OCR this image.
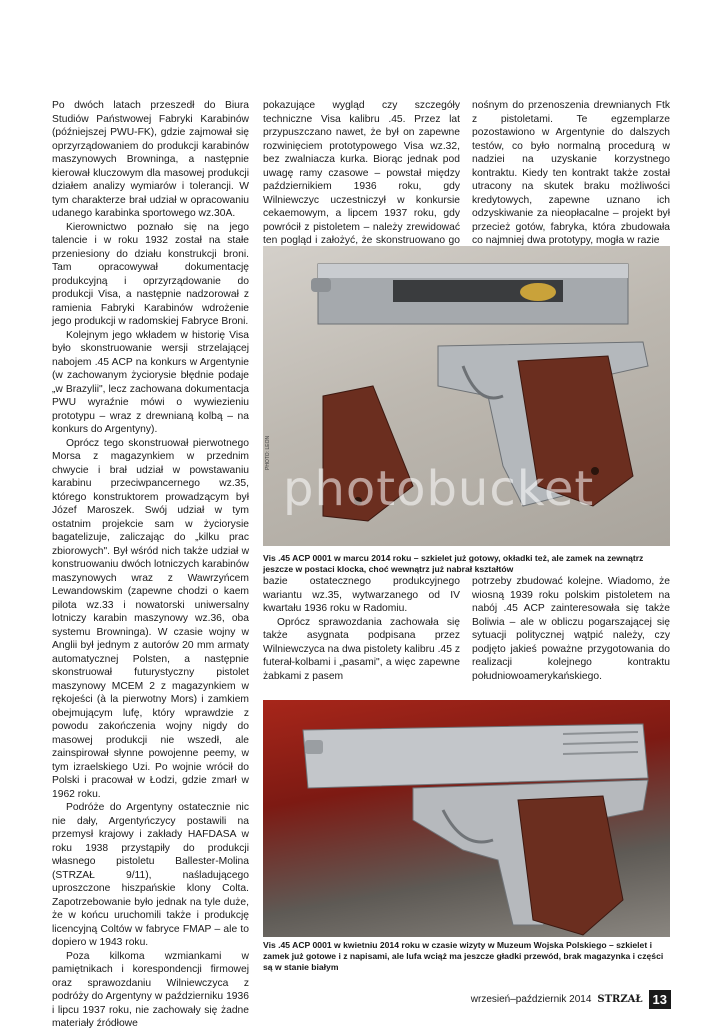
Po dwóch latach przeszedł do Biura Studiów Państwowej Fabryki Karabinów (późniejszej PWU-FK), gdzie zajmował się oprzyrządowaniem do produkcji karabinów maszynowych Browninga, a następnie kierował kluczowym dla masowej produkcji działem analizy wymiarów i tolerancji. W tym charakterze brał udział w opracowaniu udanego karabinka sportowego wz.30A.

Kierownictwo poznało się na jego talencie i w roku 1932 został na stałe przeniesiony do działu konstrukcji broni. Tam opracowywał dokumentację produkcyjną i oprzyrządowanie do produkcji Visa, a następnie nadzorował z ramienia Fabryki Karabinów wdrożenie jego produkcji w radomskiej Fabryce Broni.

Kolejnym jego wkładem w historię Visa było skonstruowanie wersji strzelającej nabojem .45 ACP na konkurs w Argentynie (w zachowanym życiorysie błędnie podaje „w Brazylii", lecz zachowana dokumentacja PWU wyraźnie mówi o wywiezieniu prototypu – wraz z drewnianą kolbą – na konkurs do Argentyny).

Oprócz tego skonstruował pierwotnego Morsa z magazynkiem w przednim chwycie i brał udział w powstawaniu karabinu przeciwpancernego wz.35, którego konstruktorem prowadzącym był Józef Maroszek. Swój udział w tym ostatnim projekcie sam w życiorysie bagatelizuje, zaliczając do „kilku prac zbiorowych". Był wśród nich także udział w konstruowaniu dwóch lotniczych karabinów maszynowych wraz z Wawrzyńcem Lewandowskim (zapewne chodzi o kaem pilota wz.33 i nowatorski uniwersalny lotniczy karabin maszynowy wz.36, oba systemu Browninga). W czasie wojny w Anglii był jednym z autorów 20 mm armaty automatycznej Polsten, a następnie skonstruował futurystyczny pistolet maszynowy MCEM 2 z magazynkiem w rękojeści (à la pierwotny Mors) i zamkiem obejmującym lufę, który wprawdzie z powodu zakończenia wojny nigdy do masowej produkcji nie wszedł, ale zainspirował słynne powojenne peemy, w tym izraelskiego Uzi. Po wojnie wrócił do Polski i pracował w Łodzi, gdzie zmarł w 1962 roku.

Podróże do Argentyny ostatecznie nic nie dały, Argentyńczycy postawili na przemysł krajowy i zakłady HAFDASA w roku 1938 przystąpiły do produkcji własnego pistoletu Ballester-Molina (STRZAŁ 9/11), naśladującego uproszczone hiszpańskie klony Colta. Zapotrzebowanie było jednak na tyle duże, że w końcu uruchomili także i produkcję licencyjną Coltów w fabryce FMAP – ale to dopiero w 1943 roku.

Poza kilkoma wzmiankami w pamiętnikach i korespondencji firmowej oraz sprawozdaniu Wilniewczyca z podróży do Argentyny w październiku 1936 i lipcu 1937 roku, nie zachowały się żadne materiały źródłowe

pokazujące wygląd czy szczegóły techniczne Visa kalibru .45. Przez lat przypuszczano nawet, że był on zapewne rozwinięciem prototypowego Visa wz.32, bez zwalniacza kurka. Biorąc jednak pod uwagę ramy czasowe – powstał między październikiem 1936 roku, gdy Wilniewczyc uczestniczył w konkursie cekaemowym, a lipcem 1937 roku, gdy powrócił z pistoletem – należy zrewidować ten pogląd i założyć, że skonstruowano go

nośnym do przenoszenia drewnianych Ftk z pistoletami. Te egzemplarze pozostawiono w Argentynie do dalszych testów, co było normalną procedurą w nadziei na uzyskanie korzystnego kontraktu. Kiedy ten kontrakt także został utracony na skutek braku możliwości kredytowych, zapewne uznano ich odzyskiwanie za nieopłacalne – projekt był przecież gotów, fabryka, która zbudowała co najmniej dwa prototypy, mogła w razie

photobucket
PHOTO: LEON
Vis .45 ACP 0001 w marcu 2014 roku – szkielet już gotowy, okładki też, ale zamek na zewnątrz jeszcze w postaci klocka, choć wewnątrz już nabrał kształtów

bazie ostatecznego produkcyjnego wariantu wz.35, wytwarzanego od IV kwartału 1936 roku w Radomiu.

Oprócz sprawozdania zachowała się także asygnata podpisana przez Wilniewczyca na dwa pistolety kalibru .45 z futerał-kolbami i „pasami", a więc zapewne żabkami z pasem

potrzeby zbudować kolejne. Wiadomo, że wiosną 1939 roku polskim pistoletem na nabój .45 ACP zainteresowała się także Boliwia – ale w obliczu pogarszającej się sytuacji politycznej wątpić należy, czy podjęto jakieś poważne przygotowania do realizacji kolejnego kontraktu południowoamerykańskiego.

Vis .45 ACP 0001 w kwietniu 2014 roku w czasie wizyty w Muzeum Wojska Polskiego – szkielet i zamek już gotowe i z napisami, ale lufa wciąż ma jeszcze gładki przewód, brak magazynka i części są w stanie białym
wrzesień–październik 2014 STRZAŁ 13
